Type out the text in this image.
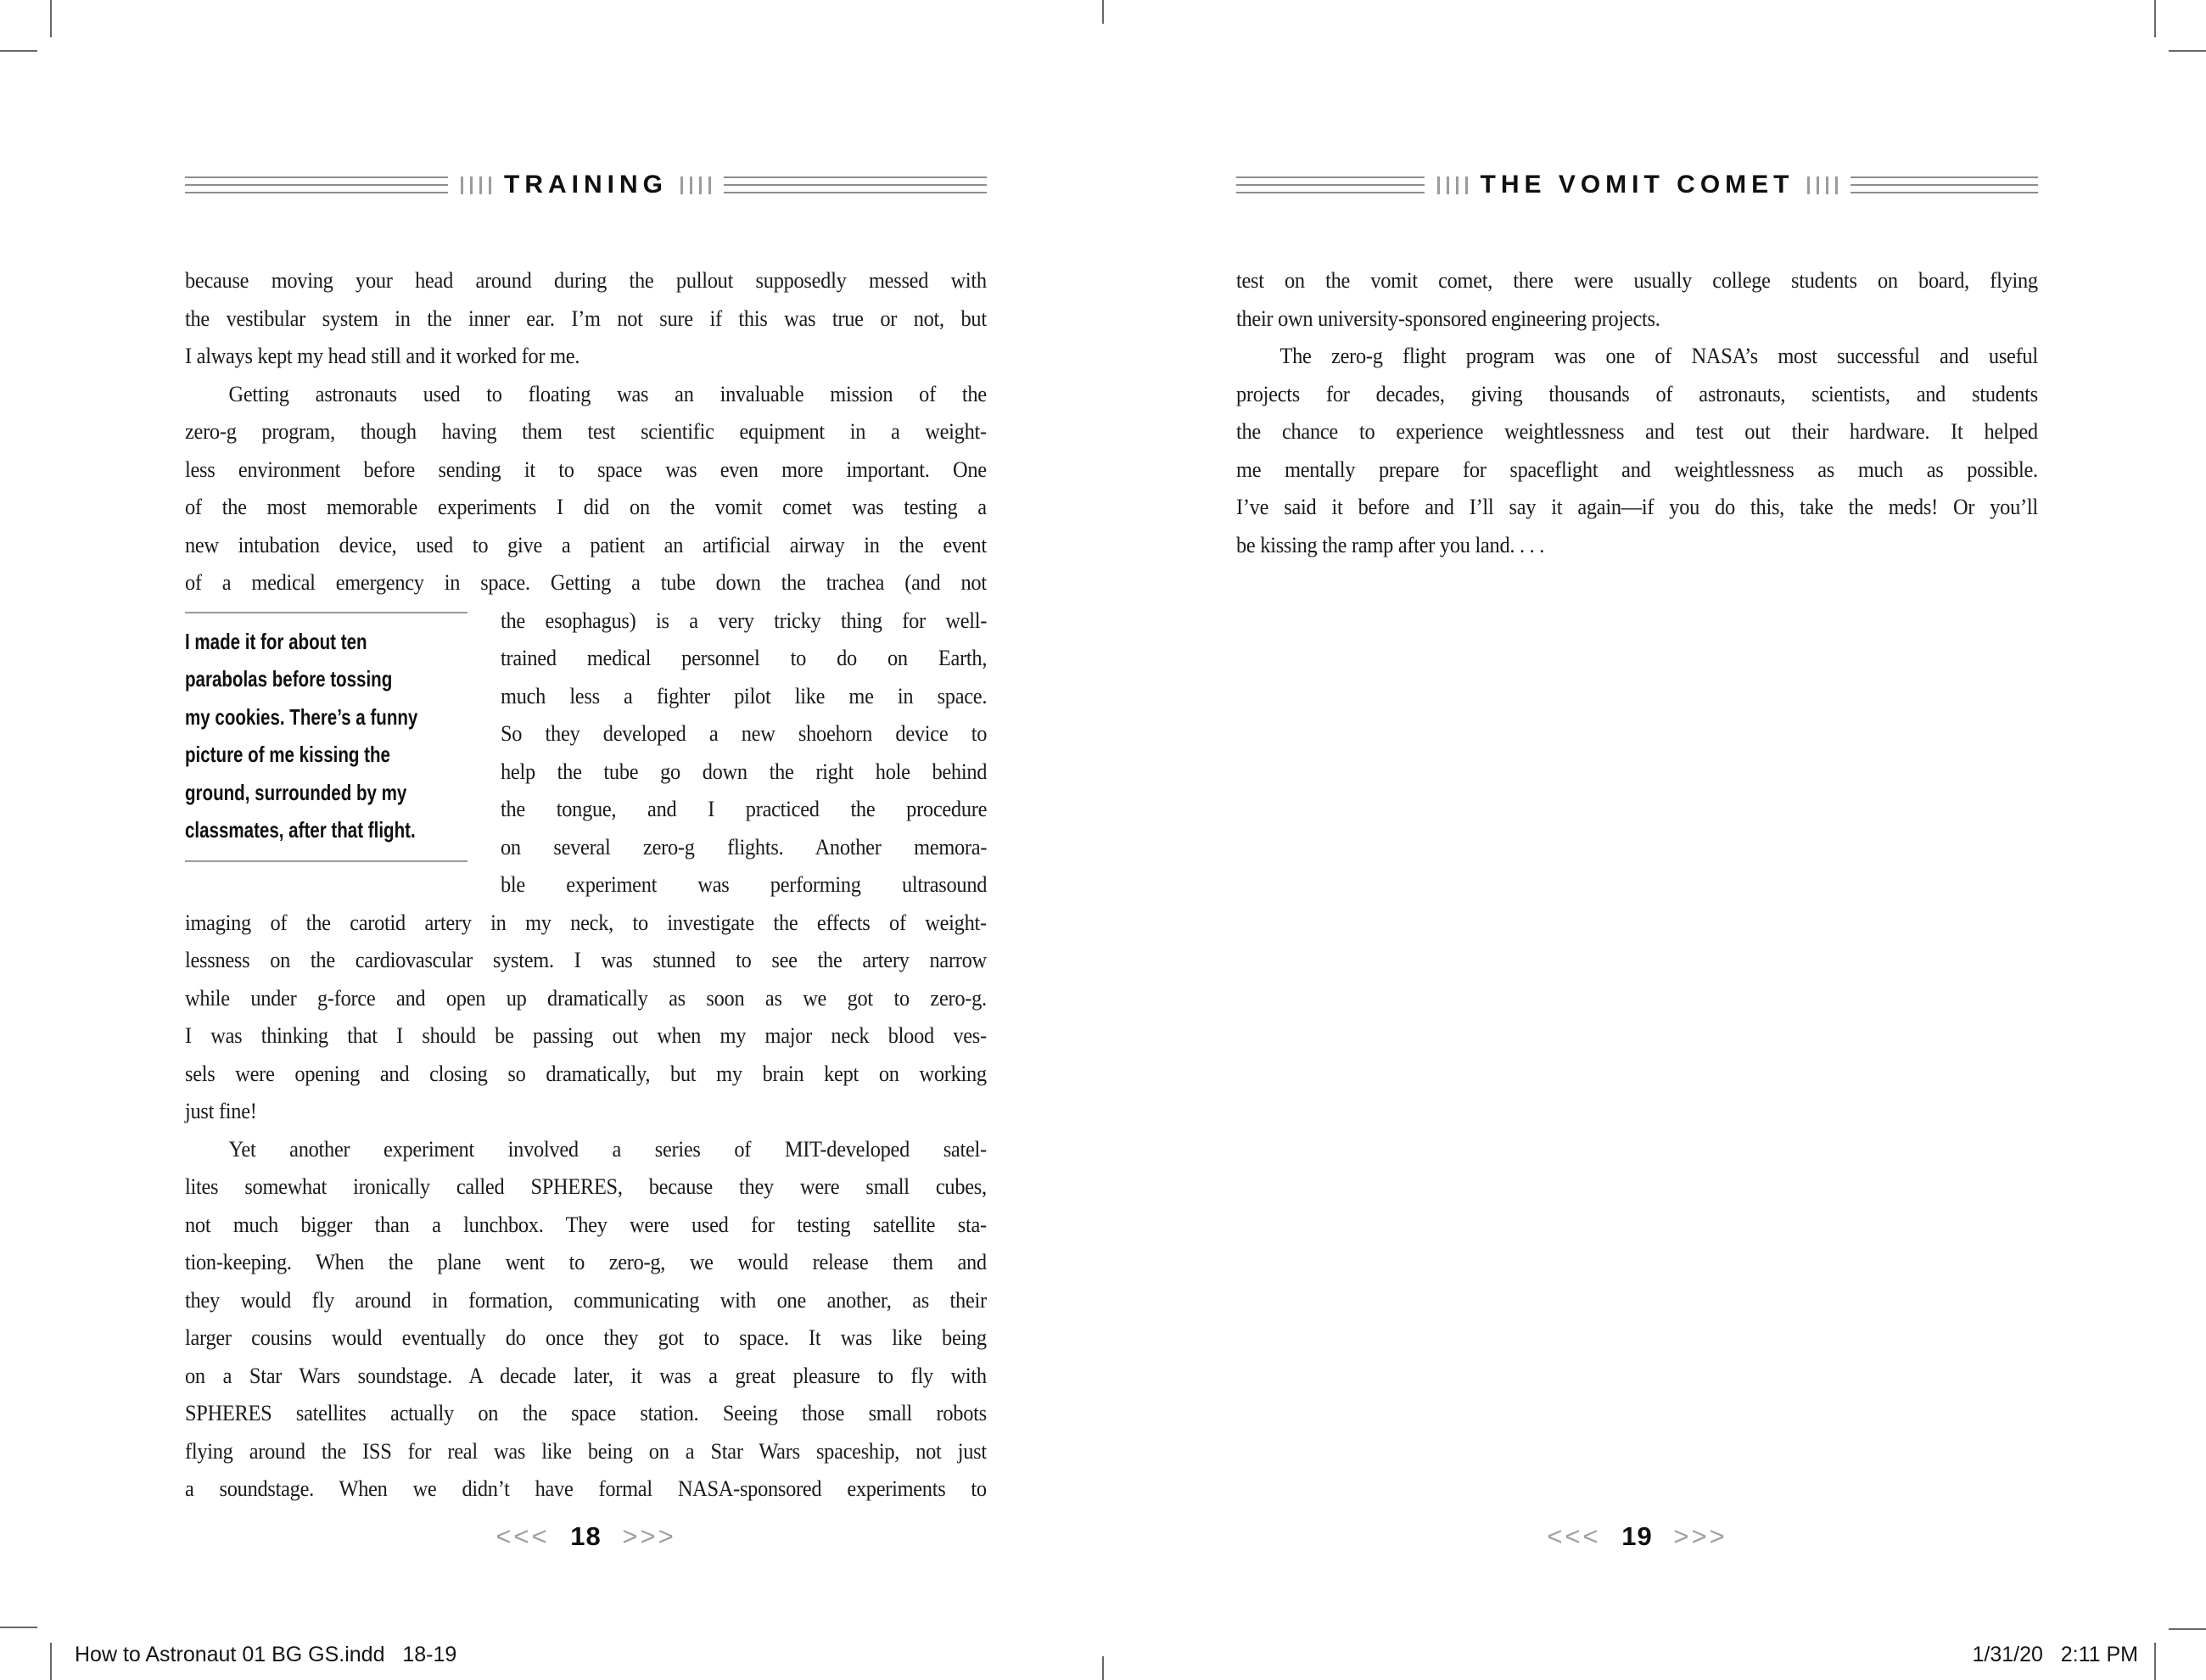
TRAINING
because moving your head around during the pullout supposedly messed with
the vestibular system in the inner ear. I’m not sure if this was true or not, but
I always kept my head still and it worked for me.
Getting astronauts used to floating was an invaluable mission of the
zero-g program, though having them test scientific equipment in a weight-
less environment before sending it to space was even more important. One
of the most memorable experiments I did on the vomit comet was testing a
new intubation device, used to give a patient an artificial airway in the event
of a medical emergency in space. Getting a tube down the trachea (and not
I made it for about ten
parabolas before tossing
my cookies. There’s a funny
picture of me kissing the
ground, surrounded by my
classmates, after that flight.
the esophagus) is a very tricky thing for well-
trained medical personnel to do on Earth,
much less a fighter pilot like me in space.
So they developed a new shoehorn device to
help the tube go down the right hole behind
the tongue, and I practiced the procedure
on several zero-g flights. Another memora-
ble experiment was performing ultrasound
imaging of the carotid artery in my neck, to investigate the effects of weight-
lessness on the cardiovascular system. I was stunned to see the artery narrow
while under g-force and open up dramatically as soon as we got to zero-g.
I was thinking that I should be passing out when my major neck blood ves-
sels were opening and closing so dramatically, but my brain kept on working
just fine!
Yet another experiment involved a series of MIT-developed satel-
lites somewhat ironically called SPHERES, because they were small cubes,
not much bigger than a lunchbox. They were used for testing satellite sta-
tion-keeping. When the plane went to zero-g, we would release them and
they would fly around in formation, communicating with one another, as their
larger cousins would eventually do once they got to space. It was like being
on a Star Wars soundstage. A decade later, it was a great pleasure to fly with
SPHERES satellites actually on the space station. Seeing those small robots
flying around the ISS for real was like being on a Star Wars spaceship, not just
a soundstage. When we didn’t have formal NASA-sponsored experiments to
<<< 18 >>>
THE VOMIT COMET
test on the vomit comet, there were usually college students on board, flying
their own university-sponsored engineering projects.
The zero-g flight program was one of NASA’s most successful and useful
projects for decades, giving thousands of astronauts, scientists, and students
the chance to experience weightlessness and test out their hardware. It helped
me mentally prepare for spaceflight and weightlessness as much as possible.
I’ve said it before and I’ll say it again—if you do this, take the meds! Or you’ll
be kissing the ramp after you land. . . .
<<< 19 >>>
How to Astronaut 01 BG GS.indd   18-19	1/31/20   2:11 PM
